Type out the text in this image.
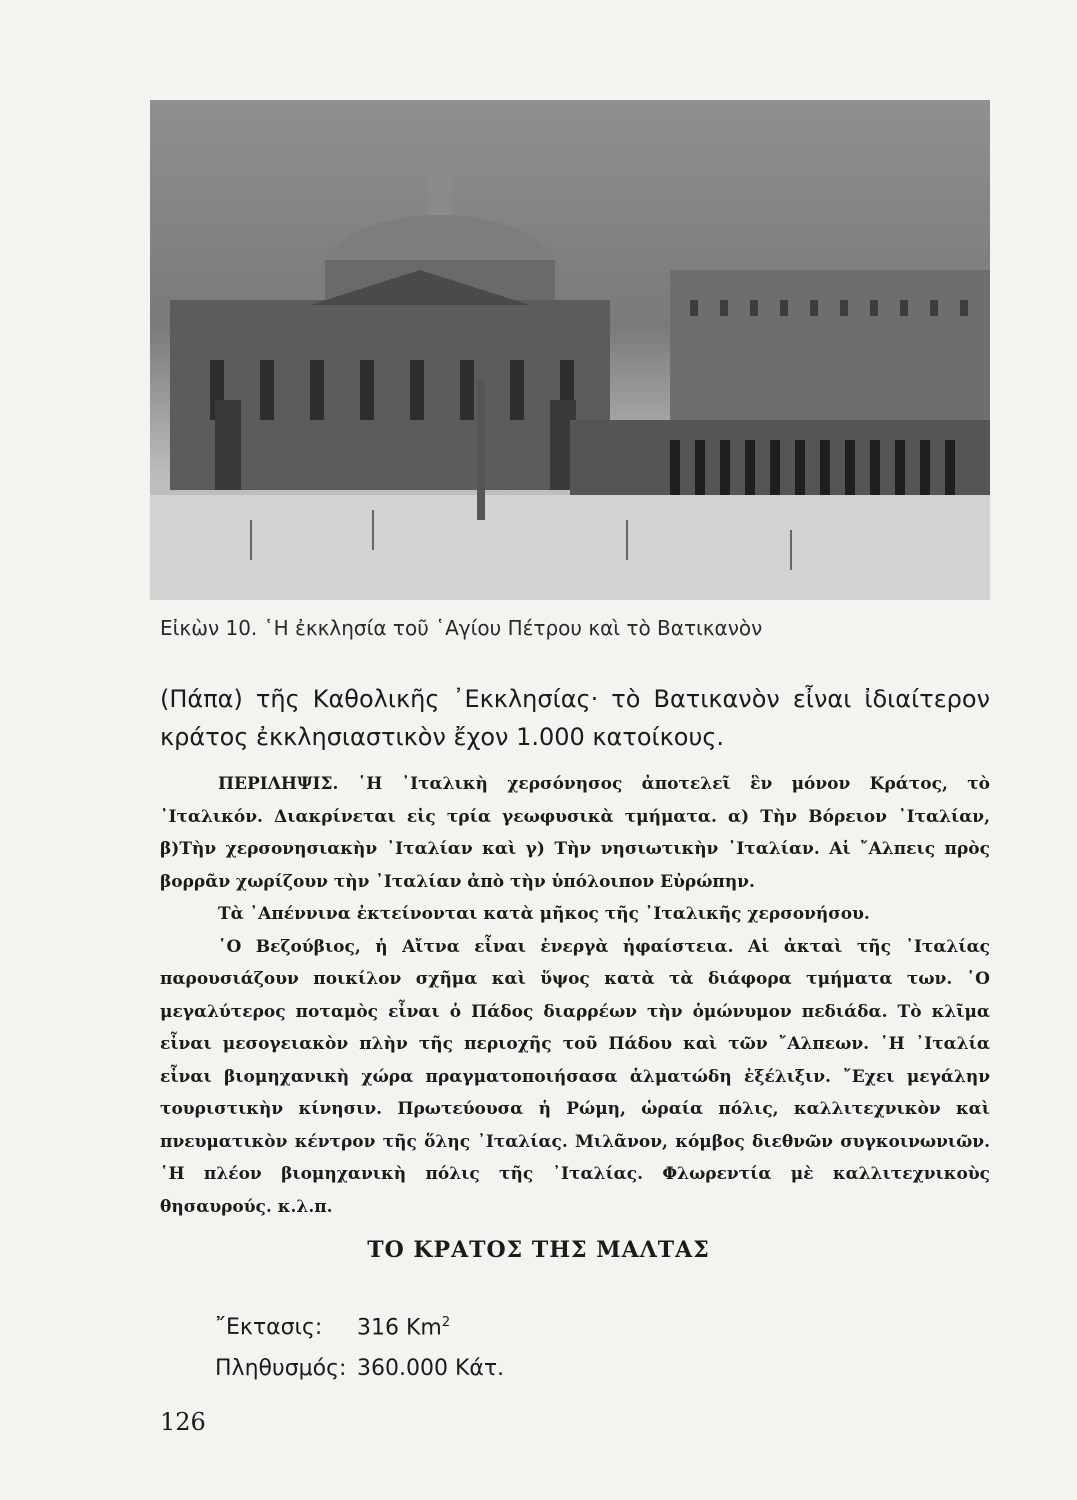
Εἰκὼν 10. ῾Η ἐκκλησία τοῦ ῾Αγίου Πέτρου καὶ τὸ Βατικανὸν

(Πάπα) τῆς Καθολικῆς ᾿Εκκλησίας· τὸ Βατικανὸν εἶναι ἰδιαίτερον κράτος ἐκκλησιαστικὸν ἔχον 1.000 κατοίκους.

ΠΕΡΙΛΗΨΙΣ. ῾Η ᾿Ιταλικὴ χερσόνησος ἀποτελεῖ ἓν μόνον Κράτος, τὸ ᾿Ιταλικόν. Διακρίνεται εἰς τρία γεωφυσικὰ τμήματα. α) Τὴν Βόρειον ᾿Ιταλίαν, β)Τὴν χερσονησιακὴν ᾿Ιταλίαν καὶ γ) Τὴν νησιωτικὴν ᾿Ιταλίαν. Αἱ ῎Αλπεις πρὸς βορρᾶν χωρίζουν τὴν ᾿Ιταλίαν ἀπὸ τὴν ὑπόλοιπον Εὐρώπην.

Τὰ ᾿Απέννινα ἐκτείνονται κατὰ μῆκος τῆς ᾿Ιταλικῆς χερσονήσου.

῾Ο Βεζούβιος, ἡ Αἴτνα εἶναι ἐνεργὰ ἡφαίστεια. Αἱ ἀκταὶ τῆς ᾿Ιταλίας παρουσιάζουν ποικίλον σχῆμα καὶ ὕψος κατὰ τὰ διάφορα τμήματα των. ῾Ο μεγαλύτερος ποταμὸς εἶναι ὁ Πάδος διαρρέων τὴν ὁμώνυμον πεδιάδα. Τὸ κλῖμα εἶναι μεσογειακὸν πλὴν τῆς περιοχῆς τοῦ Πάδου καὶ τῶν ῎Αλπεων. ῾Η ᾿Ιταλία εἶναι βιομηχανικὴ χώρα πραγματοποιήσασα ἁλματώδη ἐξέλιξιν. ῎Εχει μεγάλην τουριστικὴν κίνησιν. Πρωτεύουσα ἡ Ρώμη, ὡραία πόλις, καλλιτεχνικὸν καὶ πνευματικὸν κέντρον τῆς ὅλης ᾿Ιταλίας. Μιλᾶνον, κόμβος διεθνῶν συγκοινωνιῶν. ῾Η πλέον βιομηχανικὴ πόλις τῆς ᾿Ιταλίας. Φλωρεντία μὲ καλλιτεχνικοὺς θησαυρούς. κ.λ.π.

ΤΟ ΚΡΑΤΟΣ ΤΗΣ ΜΑΛΤΑΣ
῎Εκτασις: 316 Km$^2$
Πληθυσμός: 360.000 Κάτ.
126
